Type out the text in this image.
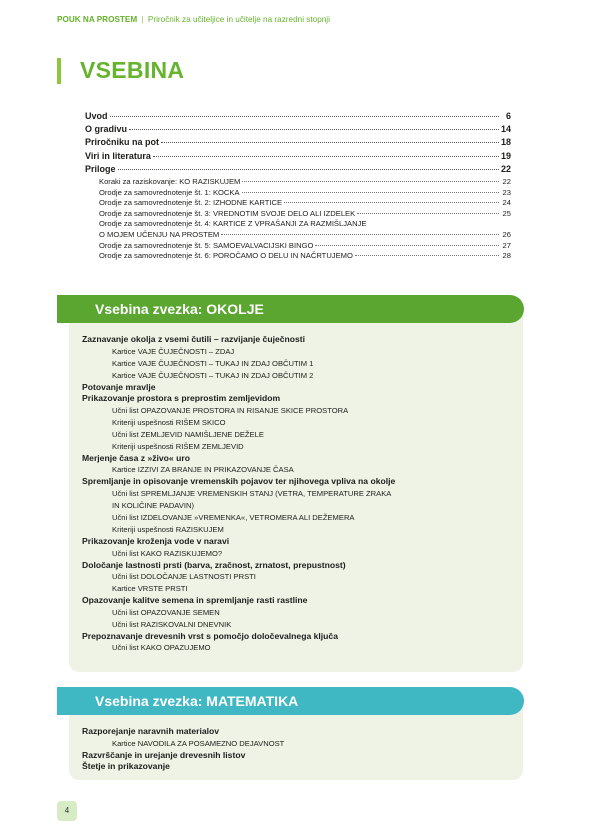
POUK NA PROSTEM | Priročnik za učiteljice in učitelje na razredni stopnji
VSEBINA
Uvod	6
O gradivu	14
Priročniku na pot	18
Viri in literatura	19
Priloge	22
Koraki za raziskovanje: KO RAZISKUJEM	22
Orodje za samovrednotenje št. 1: KOCKA	23
Orodje za samovrednotenje št. 2: IZHODNE KARTICE	24
Orodje za samovrednotenje št. 3: VREDNOTIM SVOJE DELO ALI IZDELEK	25
Orodje za samovrednotenje št. 4: KARTICE Z VPRAŠANJI ZA RAZMIŠLJANJE
O MOJEM UČENJU NA PROSTEM	26
Orodje za samovrednotenje št. 5: SAMOEVALVACIJSKI BINGO	27
Orodje za samovrednotenje št. 6: POROČAMO O DELU IN NAČRTUJEMO	28
Vsebina zvezka: OKOLJE
Zaznavanje okolja z vsemi čutili – razvijanje čuječnosti
Kartice VAJE ČUJEČNOSTI – ZDAJ
Kartice VAJE ČUJEČNOSTI – TUKAJ IN ZDAJ OBČUTIM 1
Kartice VAJE ČUJEČNOSTI – TUKAJ IN ZDAJ OBČUTIM 2
Potovanje mravlje
Prikazovanje prostora s preprostim zemljevidom
Učni list OPAZOVANJE PROSTORA IN RISANJE SKICE PROSTORA
Kriteriji uspešnosti RIŠEM SKICO
Učni list ZEMLJEVID NAMIŠLJENE DEŽELE
Kriteriji uspešnosti RIŠEM ZEMLJEVID
Merjenje časa z »živo« uro
Kartice IZZIVI ZA BRANJE IN PRIKAZOVANJE ČASA
Spremljanje in opisovanje vremenskih pojavov ter njihovega vpliva na okolje
Učni list SPREMLJANJE VREMENSKIH STANJ (VETRA, TEMPERATURE ZRAKA
IN KOLIČINE PADAVIN)
Učni list IZDELOVANJE »VREMENKA«, VETROMERA ALI DEŽEMERA
Kriteriji uspešnosti RAZISKUJEM
Prikazovanje kroženja vode v naravi
Učni list KAKO RAZISKUJEMO?
Določanje lastnosti prsti (barva, zračnost, zrnatost, prepustnost)
Učni list DOLOČANJE LASTNOSTI PRSTI
Kartice VRSTE PRSTI
Opazovanje kalitve semena in spremljanje rasti rastline
Učni list OPAZOVANJE SEMEN
Učni list RAZISKOVALNI DNEVNIK
Prepoznavanje drevesnih vrst s pomočjo določevalnega ključa
Učni list KAKO OPAZUJEMO
Vsebina zvezka: MATEMATIKA
Razporejanje naravnih materialov
Kartice NAVODILA ZA POSAMEZNO DEJAVNOST
Razvrščanje in urejanje drevesnih listov
Štetje in prikazovanje
4
